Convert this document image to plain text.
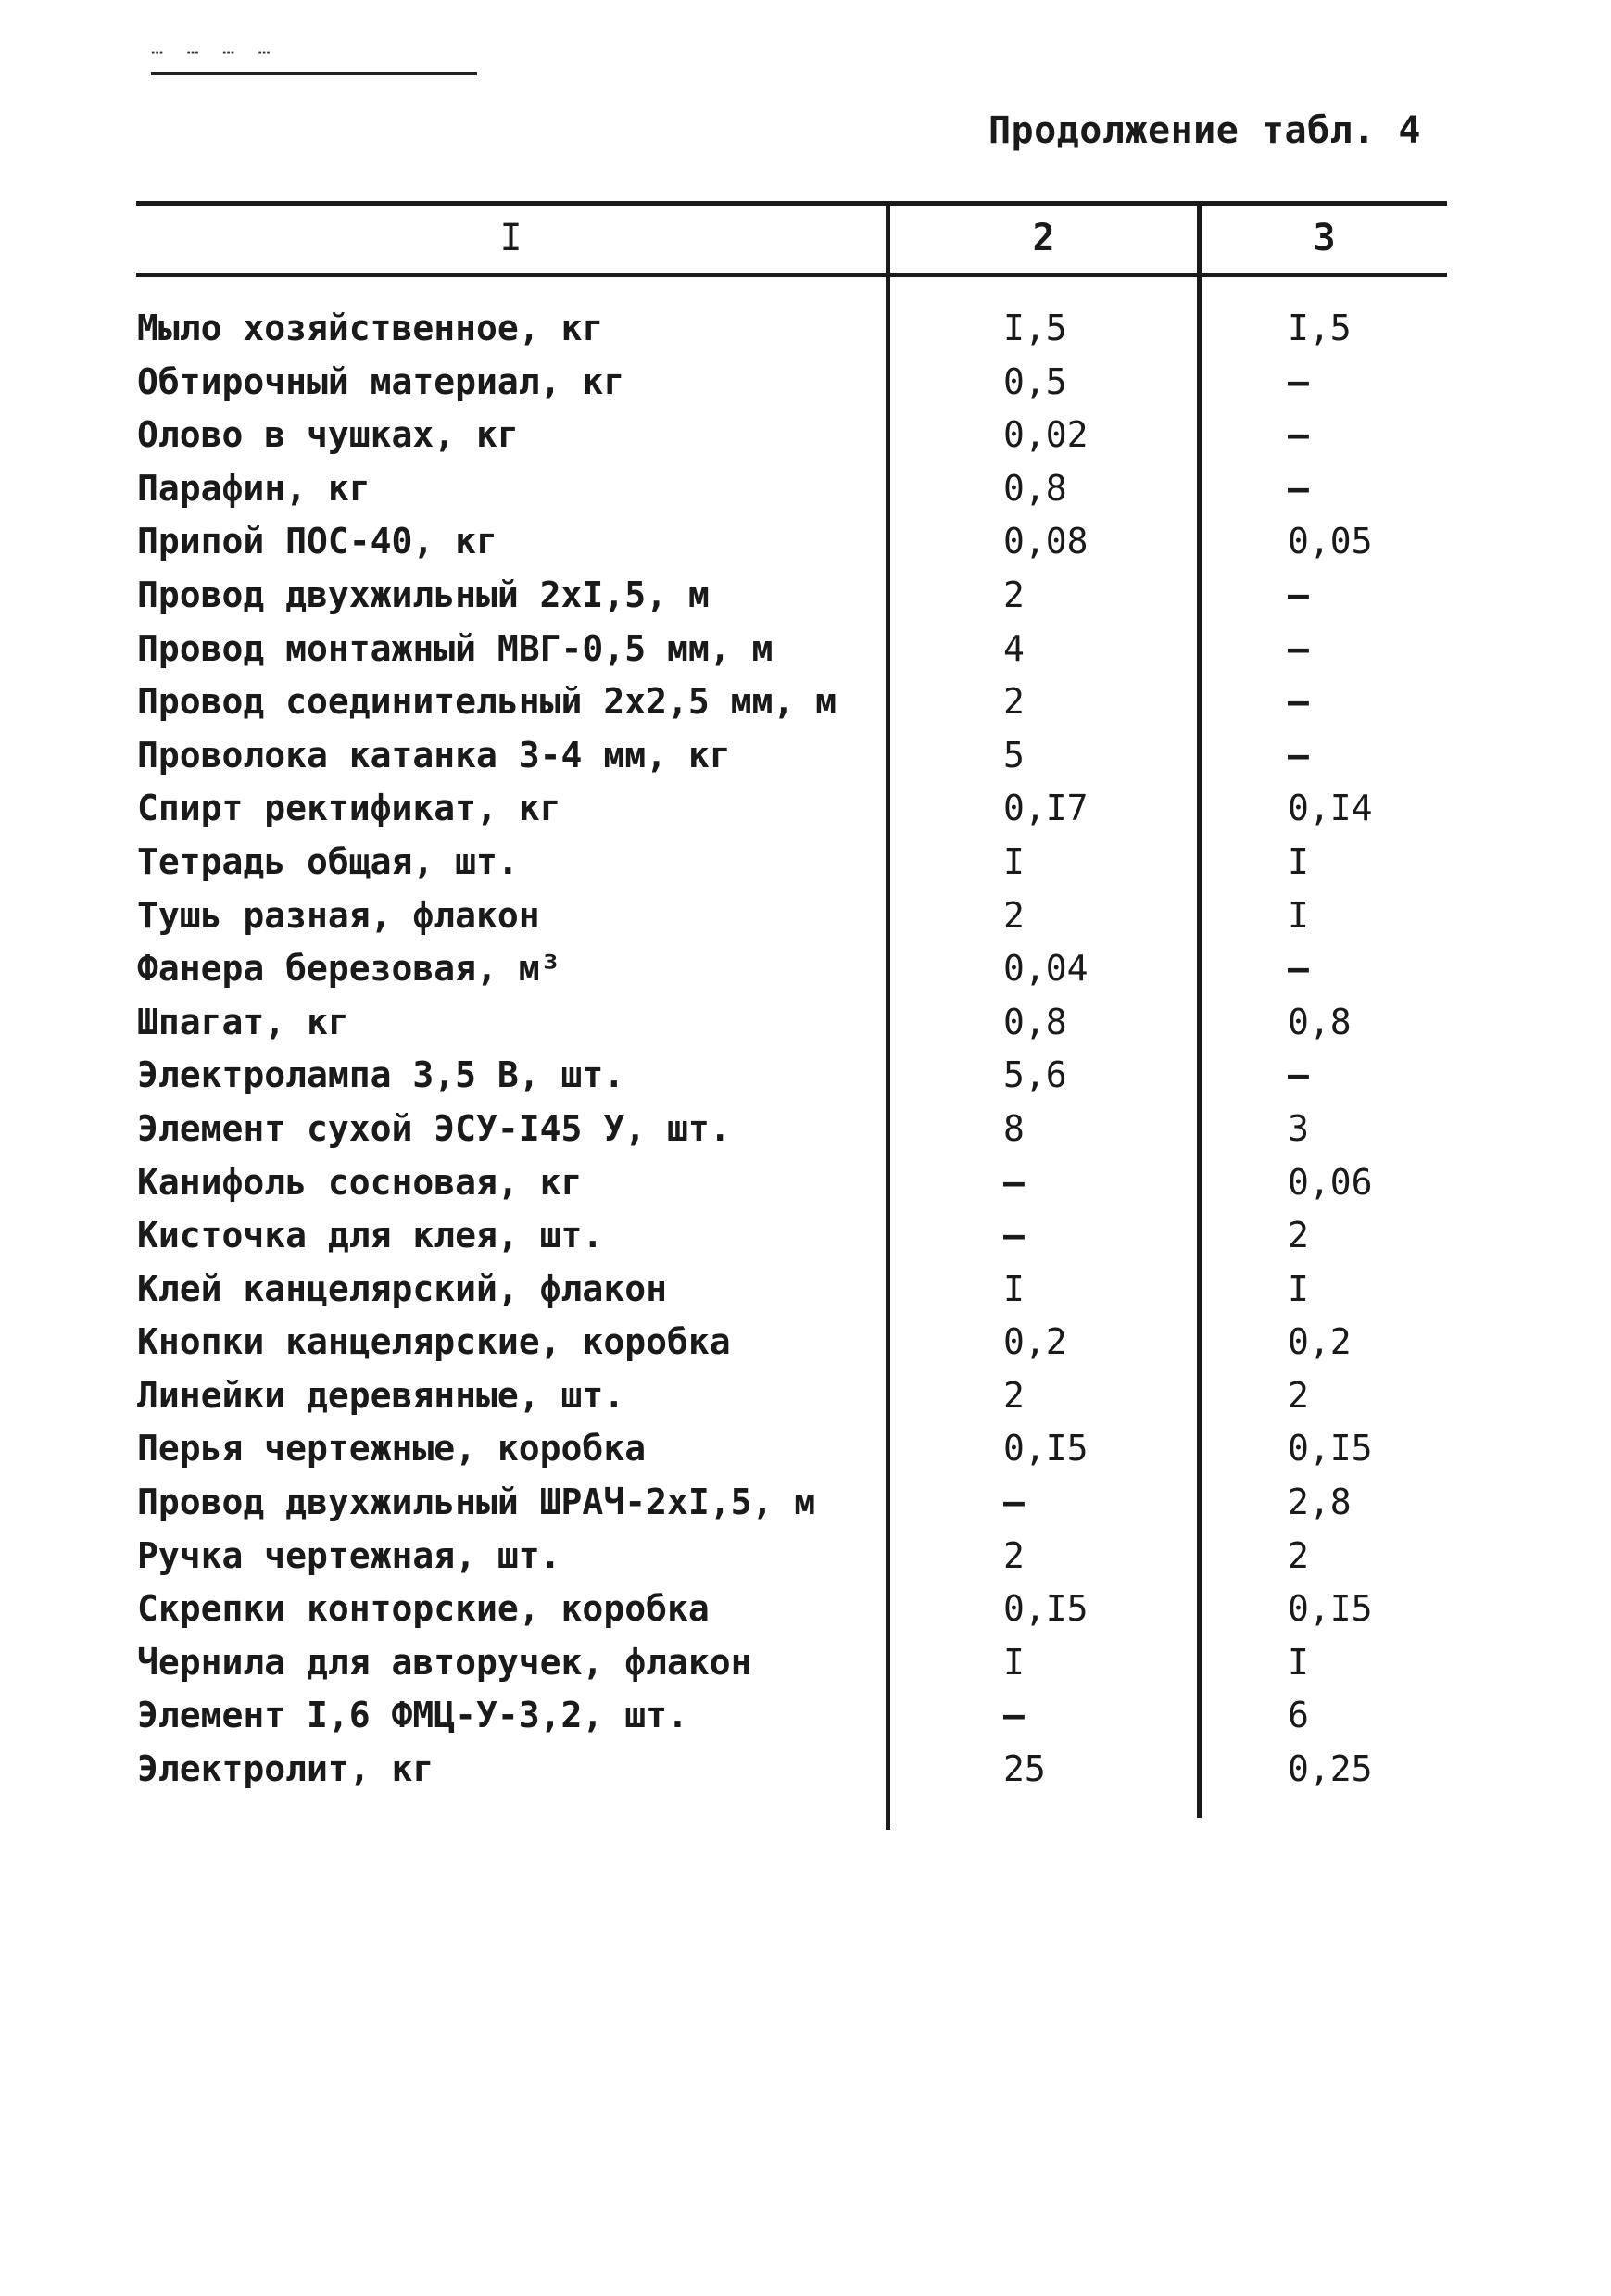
… … … …
Продолжение табл. 4
I	2	3
Мыло хозяйственное, кг	I,5	I,5
Обтирочный материал, кг	0,5	–
Олово в чушках, кг	0,02	–
Парафин, кг	0,8	–
Припой ПОС-40, кг	0,08	0,05
Провод двухжильный 2хI,5, м	2	–
Провод монтажный МВГ-0,5 мм, м	4	–
Провод соединительный 2х2,5 мм, м	2	–
Проволока катанка 3-4 мм, кг	5	–
Спирт ректификат, кг	0,I7	0,I4
Тетрадь общая, шт.	I	I
Тушь разная, флакон	2	I
Фанера березовая, м³	0,04	–
Шпагат, кг	0,8	0,8
Электролампа 3,5 В, шт.	5,6	–
Элемент сухой ЭСУ-I45 У, шт.	8	3
Канифоль сосновая, кг	–	0,06
Кисточка для клея, шт.	–	2
Клей канцелярский, флакон	I	I
Кнопки канцелярские, коробка	0,2	0,2
Линейки деревянные, шт.	2	2
Перья чертежные, коробка	0,I5	0,I5
Провод двухжильный ШРАЧ-2хI,5, м	–	2,8
Ручка чертежная, шт.	2	2
Скрепки конторские, коробка	0,I5	0,I5
Чернила для авторучек, флакон	I	I
Элемент I,6 ФМЦ-У-3,2, шт.	–	6
Электролит, кг	25	0,25
